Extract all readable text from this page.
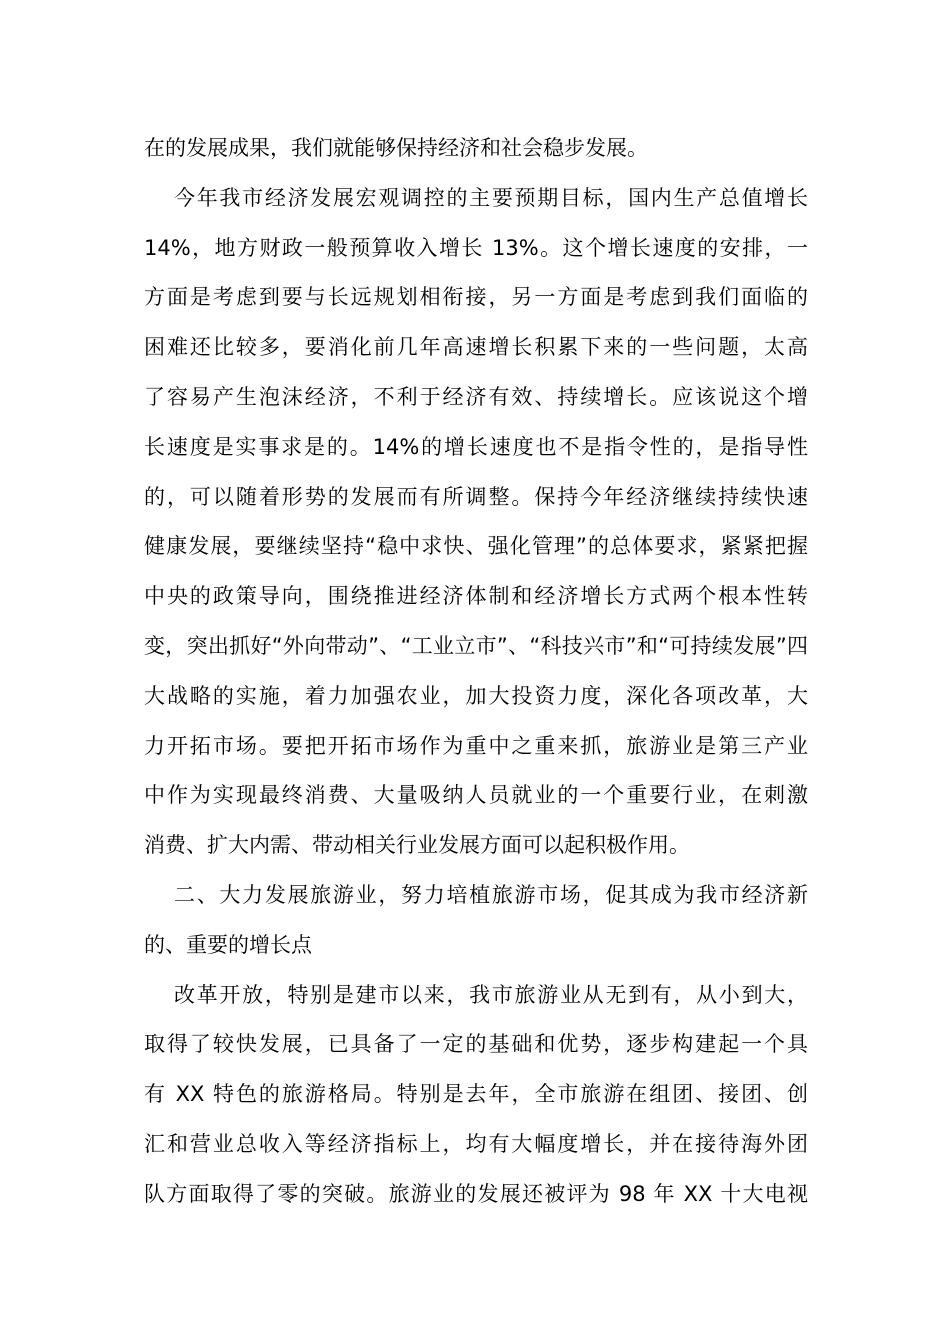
在的发展成果，我们就能够保持经济和社会稳步发展。
今年我市经济发展宏观调控的主要预期目标，国内生产总值增长
14%，地方财政一般预算收入增长 13%。这个增长速度的安排，一
方面是考虑到要与长远规划相衔接，另一方面是考虑到我们面临的
困难还比较多，要消化前几年高速增长积累下来的一些问题，太高
了容易产生泡沫经济，不利于经济有效、持续增长。应该说这个增
长速度是实事求是的。14%的增长速度也不是指令性的，是指导性
的，可以随着形势的发展而有所调整。保持今年经济继续持续快速
健康发展，要继续坚持“稳中求快、强化管理”的总体要求，紧紧把握
中央的政策导向，围绕推进经济体制和经济增长方式两个根本性转
变，突出抓好“外向带动”、“工业立市”、“科技兴市”和“可持续发展”四
大战略的实施，着力加强农业，加大投资力度，深化各项改革，大
力开拓市场。要把开拓市场作为重中之重来抓，旅游业是第三产业
中作为实现最终消费、大量吸纳人员就业的一个重要行业，在刺激
消费、扩大内需、带动相关行业发展方面可以起积极作用。
二、大力发展旅游业，努力培植旅游市场，促其成为我市经济新
的、重要的增长点
改革开放，特别是建市以来，我市旅游业从无到有，从小到大，
取得了较快发展，已具备了一定的基础和优势，逐步构建起一个具
有 XX 特色的旅游格局。特别是去年，全市旅游在组团、接团、创
汇和营业总收入等经济指标上，均有大幅度增长，并在接待海外团
队方面取得了零的突破。旅游业的发展还被评为 98 年 XX 十大电视
